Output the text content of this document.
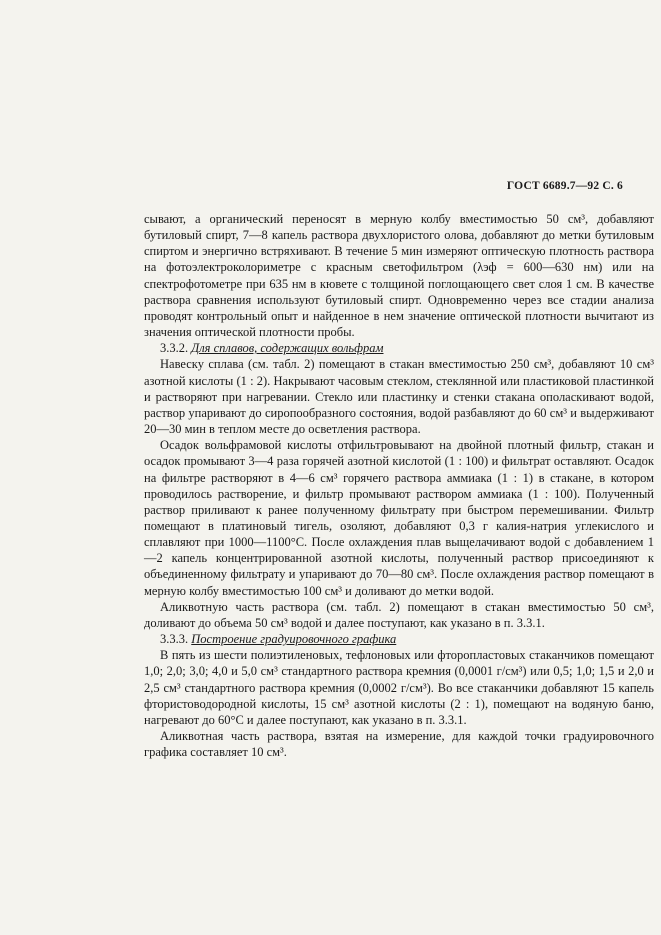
ГОСТ 6689.7—92 С. 6

сывают, а органический переносят в мерную колбу вместимостью 50 см³, добавляют бутиловый спирт, 7—8 капель раствора двухлористого олова, добавляют до метки бутиловым спиртом и энергично встряхивают. В течение 5 мин измеряют оптическую плотность раствора на фотоэлектроколориметре с красным светофильтром (λэф = 600—630 нм) или на спектрофотометре при 635 нм в кювете с толщиной поглощающего свет слоя 1 см. В качестве раствора сравнения используют бутиловый спирт. Одновременно через все стадии анализа проводят контрольный опыт и найденное в нем значение оптической плотности вычитают из значения оптической плотности пробы.

3.3.2. Для сплавов, содержащих вольфрам

Навеску сплава (см. табл. 2) помещают в стакан вместимостью 250 см³, добавляют 10 см³ азотной кислоты (1 : 2). Накрывают часовым стеклом, стеклянной или пластиковой пластинкой и растворяют при нагревании. Стекло или пластинку и стенки стакана ополаскивают водой, раствор упаривают до сиропообразного состояния, водой разбавляют до 60 см³ и выдерживают 20—30 мин в теплом месте до осветления раствора.

Осадок вольфрамовой кислоты отфильтровывают на двойной плотный фильтр, стакан и осадок промывают 3—4 раза горячей азотной кислотой (1 : 100) и фильтрат оставляют. Осадок на фильтре растворяют в 4—6 см³ горячего раствора аммиака (1 : 1) в стакане, в котором проводилось растворение, и фильтр промывают раствором аммиака (1 : 100). Полученный раствор приливают к ранее полученному фильтрату при быстром перемешивании. Фильтр помещают в платиновый тигель, озоляют, добавляют 0,3 г калия-натрия углекислого и сплавляют при 1000—1100°С. После охлаждения плав выщелачивают водой с добавлением 1—2 капель концентрированной азотной кислоты, полученный раствор присоединяют к объединенному фильтрату и упаривают до 70—80 см³. После охлаждения раствор помещают в мерную колбу вместимостью 100 см³ и доливают до метки водой.

Аликвотную часть раствора (см. табл. 2) помещают в стакан вместимостью 50 см³, доливают до объема 50 см³ водой и далее поступают, как указано в п. 3.3.1.

3.3.3. Построение градуировочного графика

В пять из шести полиэтиленовых, тефлоновых или фторопластовых стаканчиков помещают 1,0; 2,0; 3,0; 4,0 и 5,0 см³ стандартного раствора кремния (0,0001 г/см³) или 0,5; 1,0; 1,5 и 2,0 и 2,5 см³ стандартного раствора кремния (0,0002 г/см³). Во все стаканчики добавляют 15 капель фтористоводородной кислоты, 15 см³ азотной кислоты (2 : 1), помещают на водяную баню, нагревают до 60°С и далее поступают, как указано в п. 3.3.1.

Аликвотная часть раствора, взятая на измерение, для каждой точки градуировочного графика составляет 10 см³.
